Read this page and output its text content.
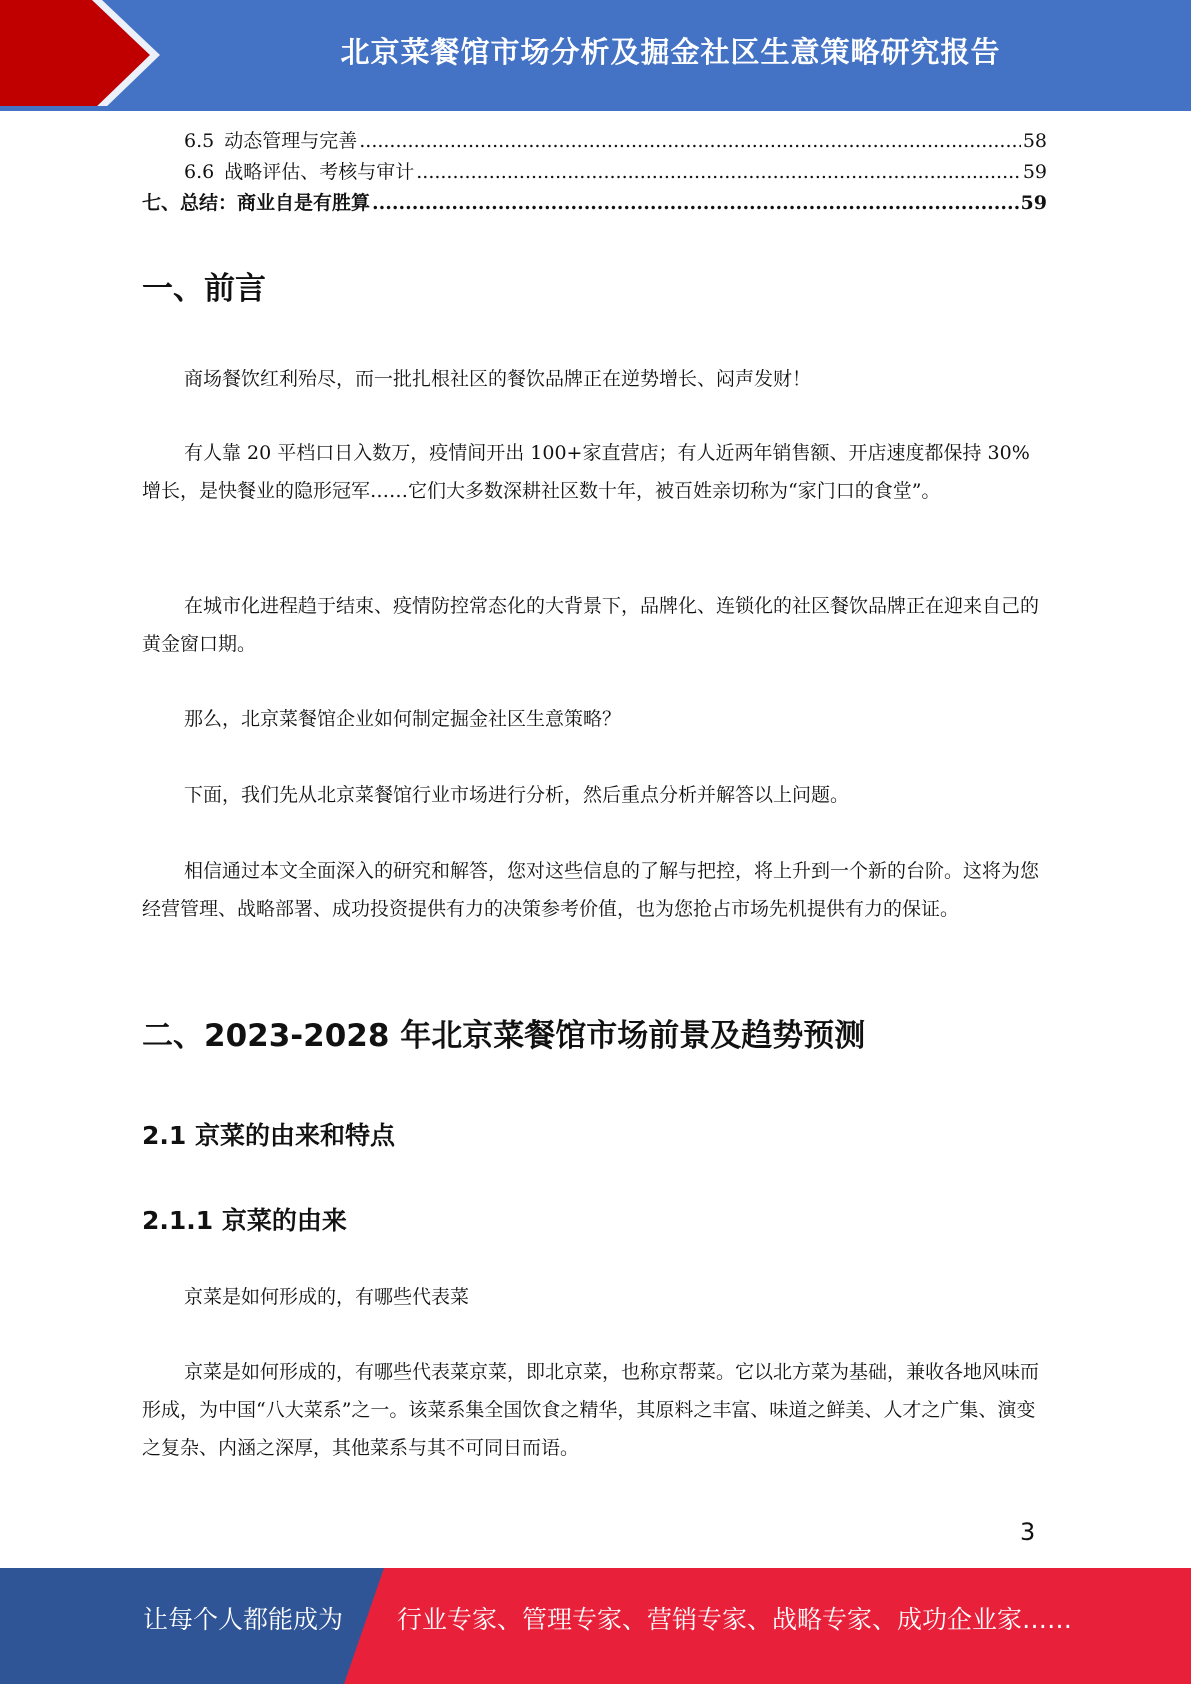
北京菜餐馆市场分析及掘金社区生意策略研究报告
6.5 动态管理与完善 .....	58
6.6 战略评估、考核与审计 .....	59
七、总结：商业自是有胜算 .....	59
一、前言

商场餐饮红利殆尽，而一批扎根社区的餐饮品牌正在逆势增长、闷声发财！

有人靠 20 平档口日入数万，疫情间开出 100+家直营店；有人近两年销售额、开店速度都保持 30%增长，是快餐业的隐形冠军……它们大多数深耕社区数十年，被百姓亲切称为“家门口的食堂”。

在城市化进程趋于结束、疫情防控常态化的大背景下，品牌化、连锁化的社区餐饮品牌正在迎来自己的黄金窗口期。

那么，北京菜餐馆企业如何制定掘金社区生意策略？

下面，我们先从北京菜餐馆行业市场进行分析，然后重点分析并解答以上问题。

相信通过本文全面深入的研究和解答，您对这些信息的了解与把控，将上升到一个新的台阶。这将为您经营管理、战略部署、成功投资提供有力的决策参考价值，也为您抢占市场先机提供有力的保证。

二、2023-2028 年北京菜餐馆市场前景及趋势预测
2.1 京菜的由来和特点
2.1.1 京菜的由来

京菜是如何形成的，有哪些代表菜

京菜是如何形成的，有哪些代表菜京菜，即北京菜，也称京帮菜。它以北方菜为基础，兼收各地风味而形成，为中国“八大菜系”之一。该菜系集全国饮食之精华，其原料之丰富、味道之鲜美、人才之广集、演变之复杂、内涵之深厚，其他菜系与其不可同日而语。

3
让每个人都能成为 行业专家、管理专家、营销专家、战略专家、成功企业家……
